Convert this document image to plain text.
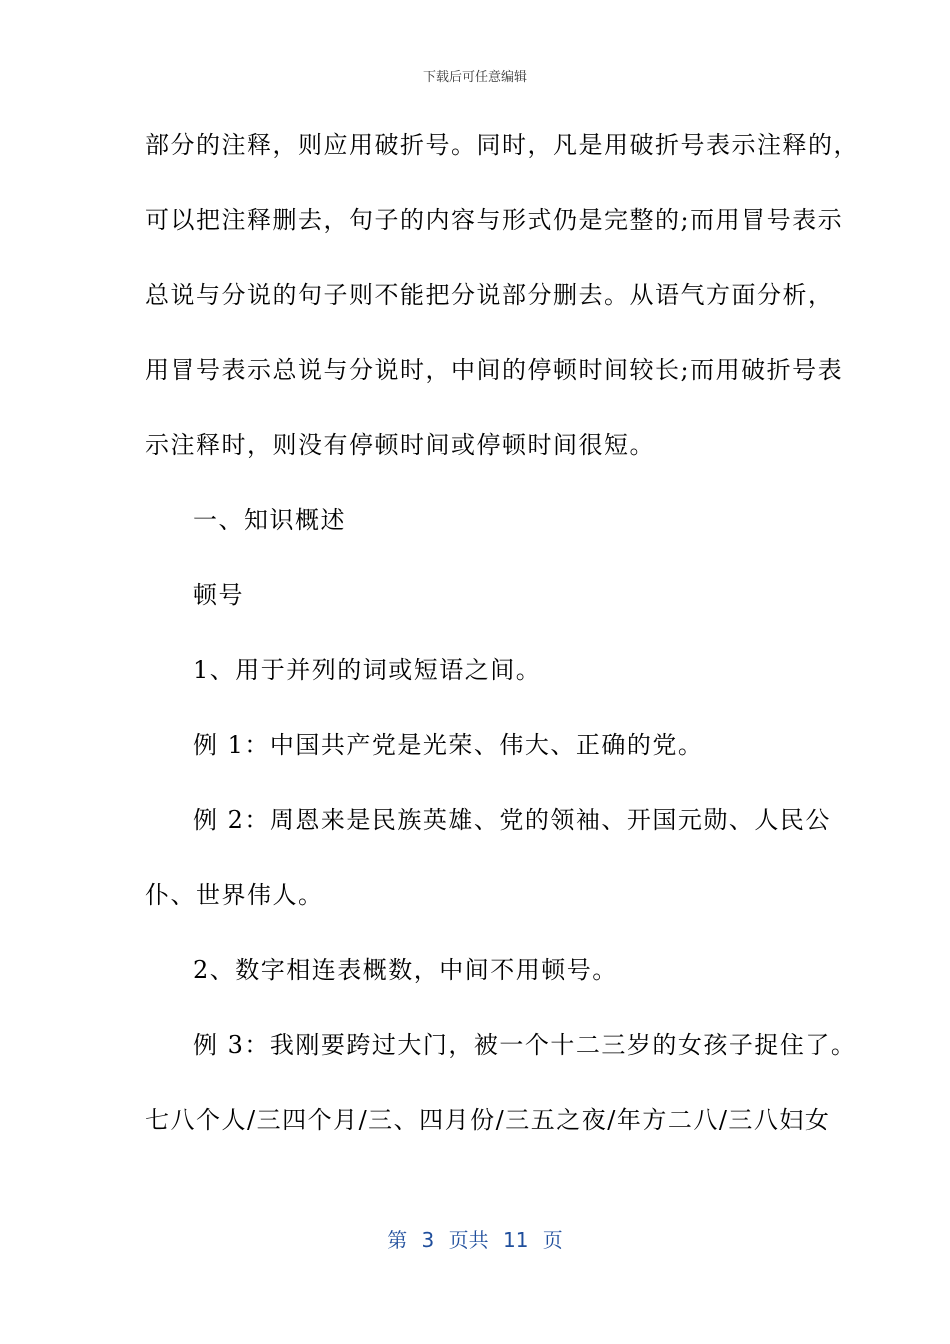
下载后可任意编辑
部分的注释，则应用破折号。同时，凡是用破折号表示注释的，
可以把注释删去，句子的内容与形式仍是完整的;而用冒号表示
总说与分说的句子则不能把分说部分删去。从语气方面分析，
用冒号表示总说与分说时，中间的停顿时间较长;而用破折号表
示注释时，则没有停顿时间或停顿时间很短。
一、知识概述
顿号
1、用于并列的词或短语之间。
例 1：中国共产党是光荣、伟大、正确的党。
例 2：周恩来是民族英雄、党的领袖、开国元勋、人民公
仆、世界伟人。
2、数字相连表概数，中间不用顿号。
例 3：我刚要跨过大门，被一个十二三岁的女孩子捉住了。
七八个人/三四个月/三、四月份/三五之夜/年方二八/三八妇女
第 3 页共 11 页
